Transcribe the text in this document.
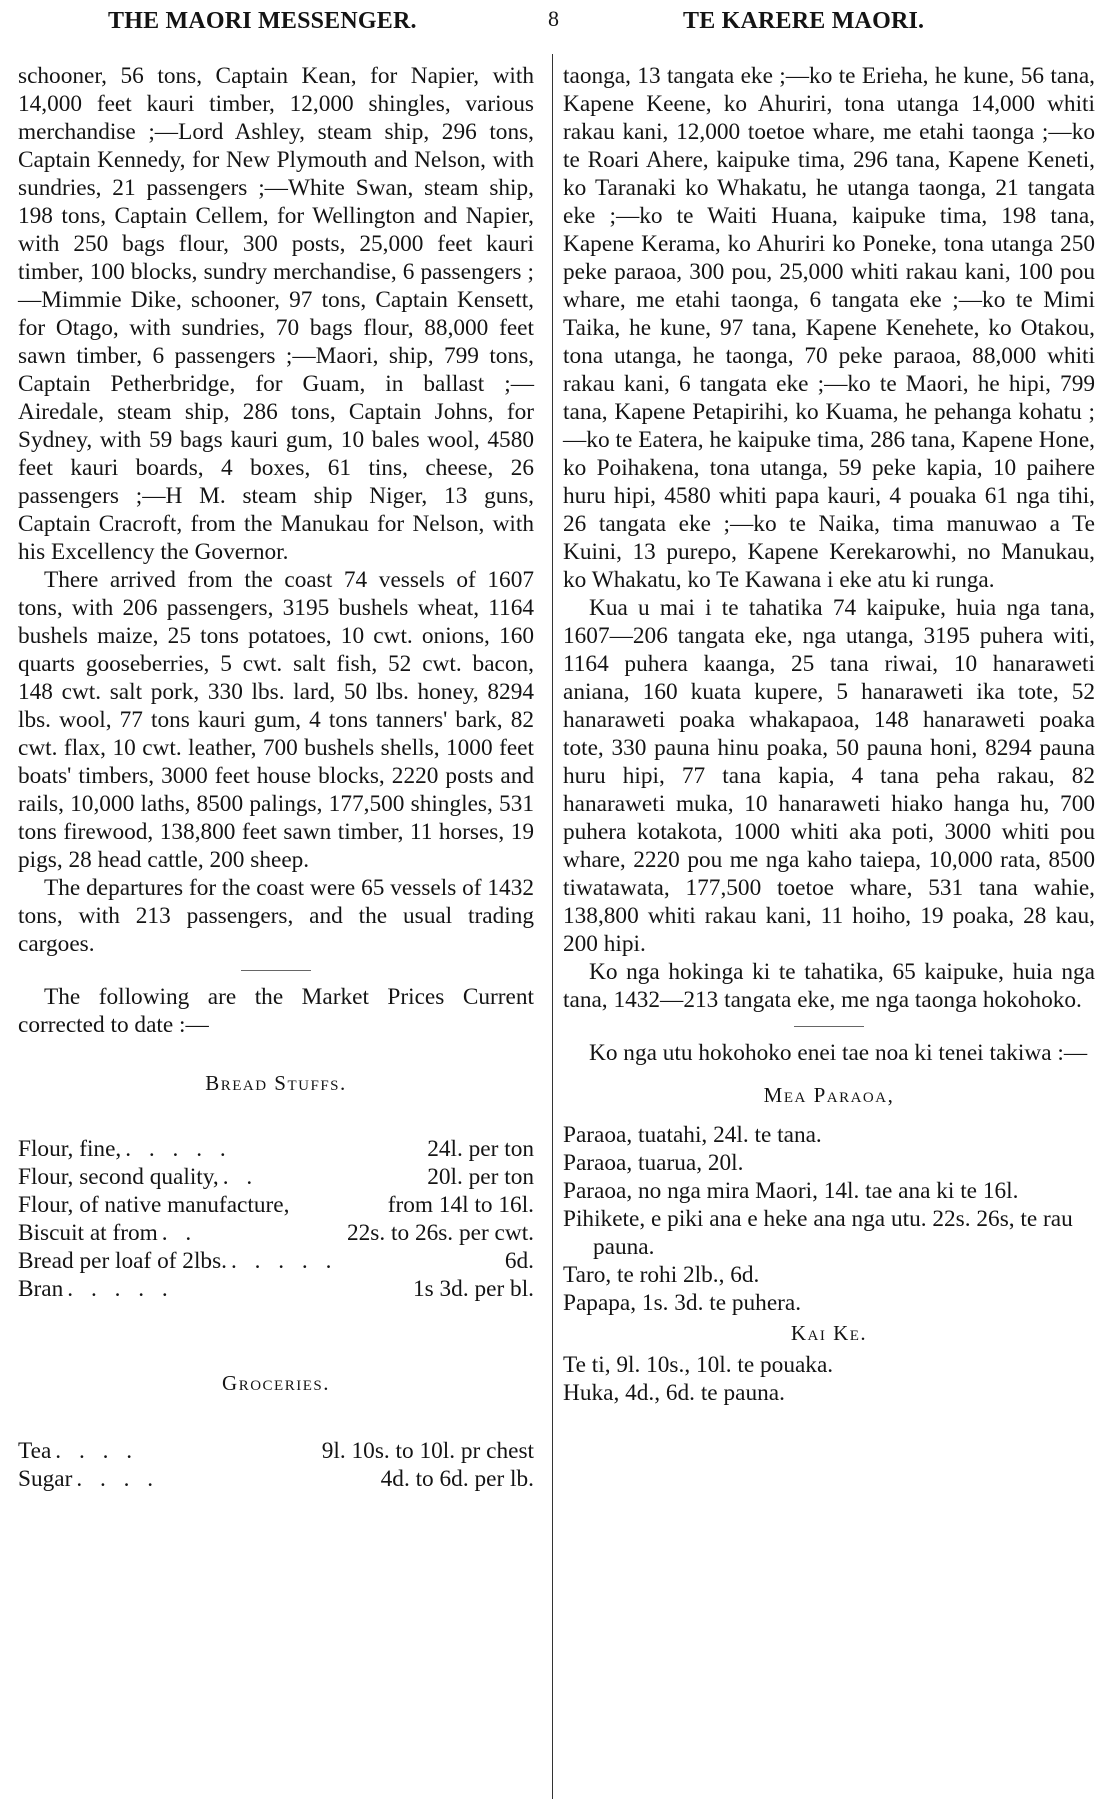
THE MAORI MESSENGER.	8	TE KARERE MAORI.

schooner, 56 tons, Captain Kean, for Napier, with 14,000 feet kauri timber, 12,000 shingles, various merchandise ;—Lord Ashley, steam ship, 296 tons, Captain Kennedy, for New Plymouth and Nelson, with sundries, 21 passengers ;—White Swan, steam ship, 198 tons, Captain Cellem, for Wellington and Napier, with 250 bags flour, 300 posts, 25,000 feet kauri timber, 100 blocks, sundry merchandise, 6 passengers ;—Mimmie Dike, schooner, 97 tons, Captain Kensett, for Otago, with sundries, 70 bags flour, 88,000 feet sawn timber, 6 passengers ;—Maori, ship, 799 tons, Captain Petherbridge, for Guam, in ballast ;—Airedale, steam ship, 286 tons, Captain Johns, for Sydney, with 59 bags kauri gum, 10 bales wool, 4580 feet kauri boards, 4 boxes, 61 tins, cheese, 26 passengers ;—H M. steam ship Niger, 13 guns, Captain Cracroft, from the Manukau for Nelson, with his Excellency the Governor.

There arrived from the coast 74 vessels of 1607 tons, with 206 passengers, 3195 bushels wheat, 1164 bushels maize, 25 tons potatoes, 10 cwt. onions, 160 quarts gooseberries, 5 cwt. salt fish, 52 cwt. bacon, 148 cwt. salt pork, 330 lbs. lard, 50 lbs. honey, 8294 lbs. wool, 77 tons kauri gum, 4 tons tanners' bark, 82 cwt. flax, 10 cwt. leather, 700 bushels shells, 1000 feet boats' timbers, 3000 feet house blocks, 2220 posts and rails, 10,000 laths, 8500 palings, 177,500 shingles, 531 tons firewood, 138,800 feet sawn timber, 11 horses, 19 pigs, 28 head cattle, 200 sheep.

The departures for the coast were 65 vessels of 1432 tons, with 213 passengers, and the usual trading cargoes.

The following are the Market Prices Current corrected to date :—

Bread Stuffs.

Flour, fine, . . . . .	24l. per ton
Flour, second quality, . .	20l. per ton
Flour, of native manufacture,	from 14l to 16l.
Biscuit at from . .	22s. to 26s. per cwt.
Bread per loaf of 2lbs. . . . . .	6d.
Bran . . . . .	1s 3d. per bl.

Groceries.

Tea . . . .	9l. 10s. to 10l. pr chest
Sugar . . . .	4d. to 6d. per lb.

taonga, 13 tangata eke ;—ko te Erieha, he kune, 56 tana, Kapene Keene, ko Ahuriri, tona utanga 14,000 whiti rakau kani, 12,000 toetoe whare, me etahi taonga ;—ko te Roari Ahere, kaipuke tima, 296 tana, Kapene Keneti, ko Taranaki ko Whakatu, he utanga taonga, 21 tangata eke ;—ko te Waiti Huana, kaipuke tima, 198 tana, Kapene Kerama, ko Ahuriri ko Poneke, tona utanga 250 peke paraoa, 300 pou, 25,000 whiti rakau kani, 100 pou whare, me etahi taonga, 6 tangata eke ;—ko te Mimi Taika, he kune, 97 tana, Kapene Kenehete, ko Otakou, tona utanga, he taonga, 70 peke paraoa, 88,000 whiti rakau kani, 6 tangata eke ;—ko te Maori, he hipi, 799 tana, Kapene Petapirihi, ko Kuama, he pehanga kohatu ;—ko te Eatera, he kaipuke tima, 286 tana, Kapene Hone, ko Poihakena, tona utanga, 59 peke kapia, 10 paihere huru hipi, 4580 whiti papa kauri, 4 pouaka 61 nga tihi, 26 tangata eke ;—ko te Naika, tima manuwao a Te Kuini, 13 purepo, Kapene Kerekarowhi, no Manukau, ko Whakatu, ko Te Kawana i eke atu ki runga.

Kua u mai i te tahatika 74 kaipuke, huia nga tana, 1607—206 tangata eke, nga utanga, 3195 puhera witi, 1164 puhera kaanga, 25 tana riwai, 10 hanaraweti aniana, 160 kuata kupere, 5 hanaraweti ika tote, 52 hanaraweti poaka whakapaoa, 148 hanaraweti poaka tote, 330 pauna hinu poaka, 50 pauna honi, 8294 pauna huru hipi, 77 tana kapia, 4 tana peha rakau, 82 hanaraweti muka, 10 hanaraweti hiako hanga hu, 700 puhera kotakota, 1000 whiti aka poti, 3000 whiti pou whare, 2220 pou me nga kaho taiepa, 10,000 rata, 8500 tiwatawata, 177,500 toetoe whare, 531 tana wahie, 138,800 whiti rakau kani, 11 hoiho, 19 poaka, 28 kau, 200 hipi.

Ko nga hokinga ki te tahatika, 65 kaipuke, huia nga tana, 1432—213 tangata eke, me nga taonga hokohoko.

Ko nga utu hokohoko enei tae noa ki tenei takiwa :—

Mea Paraoa,

Paraoa, tuatahi, 24l. te tana.

Paraoa, tuarua, 20l.

Paraoa, no nga mira Maori, 14l. tae ana ki te 16l.

Pihikete, e piki ana e heke ana nga utu. 22s. 26s, te rau pauna.

Taro, te rohi 2lb., 6d.

Papapa, 1s. 3d. te puhera.

Kai Ke.

Te ti, 9l. 10s., 10l. te pouaka.

Huka, 4d., 6d. te pauna.
